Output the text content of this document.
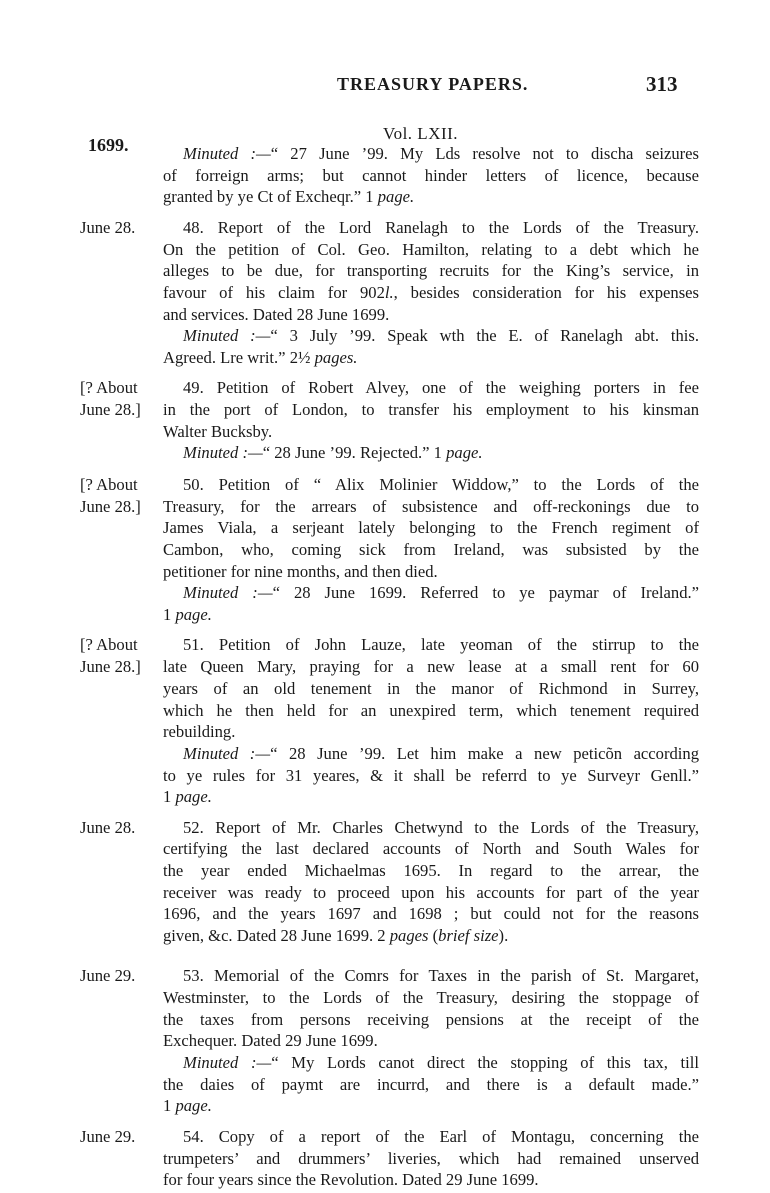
TREASURY PAPERS.	313
1699.
Vol. LXII.
Minuted :—“ 27 June ’99. My Lds resolve not to discha seizures
of forreign arms; but cannot hinder letters of licence, because
granted by ye Ct of Excheqr.” 1 page.
June 28.	48. Report of the Lord Ranelagh to the Lords of the Treasury.
On the petition of Col. Geo. Hamilton, relating to a debt which he
alleges to be due, for transporting recruits for the King’s service, in
favour of his claim for 902l., besides consideration for his expenses
and services. Dated 28 June 1699.
Minuted :—“ 3 July ’99. Speak wth the E. of Ranelagh abt. this.
Agreed. Lre writ.” 2½ pages.
[? About	49. Petition of Robert Alvey, one of the weighing porters in fee
June 28.] in the port of London, to transfer his employment to his kinsman
Walter Bucksby.
Minuted :—“ 28 June ’99. Rejected.” 1 page.
[? About	50. Petition of “ Alix Molinier Widdow,” to the Lords of the
June 28.] Treasury, for the arrears of subsistence and off-reckonings due to
James Viala, a serjeant lately belonging to the French regiment of
Cambon, who, coming sick from Ireland, was subsisted by the
petitioner for nine months, and then died.
Minuted :—“ 28 June 1699. Referred to ye paymar of Ireland.”
1 page.
[? About	51. Petition of John Lauze, late yeoman of the stirrup to the
June 28.] late Queen Mary, praying for a new lease at a small rent for 60
years of an old tenement in the manor of Richmond in Surrey,
which he then held for an unexpired term, which tenement required
rebuilding.
Minuted :—“ 28 June ’99. Let him make a new peticõn according
to ye rules for 31 yeares, & it shall be referrd to ye Surveyr Genll.”
1 page.
June 28.	52. Report of Mr. Charles Chetwynd to the Lords of the Treasury,
certifying the last declared accounts of North and South Wales for
the year ended Michaelmas 1695. In regard to the arrear, the
receiver was ready to proceed upon his accounts for part of the year
1696, and the years 1697 and 1698 ; but could not for the reasons
given, &c. Dated 28 June 1699. 2 pages (brief size).
June 29.	53. Memorial of the Comrs for Taxes in the parish of St. Margaret,
Westminster, to the Lords of the Treasury, desiring the stoppage of
the taxes from persons receiving pensions at the receipt of the
Exchequer. Dated 29 June 1699.
Minuted :—“ My Lords canot direct the stopping of this tax, till
the daies of paymt are incurrd, and there is a default made.”
1 page.
June 29.	54. Copy of a report of the Earl of Montagu, concerning the
trumpeters’ and drummers’ liveries, which had remained unserved
for four years since the Revolution. Dated 29 June 1699.
